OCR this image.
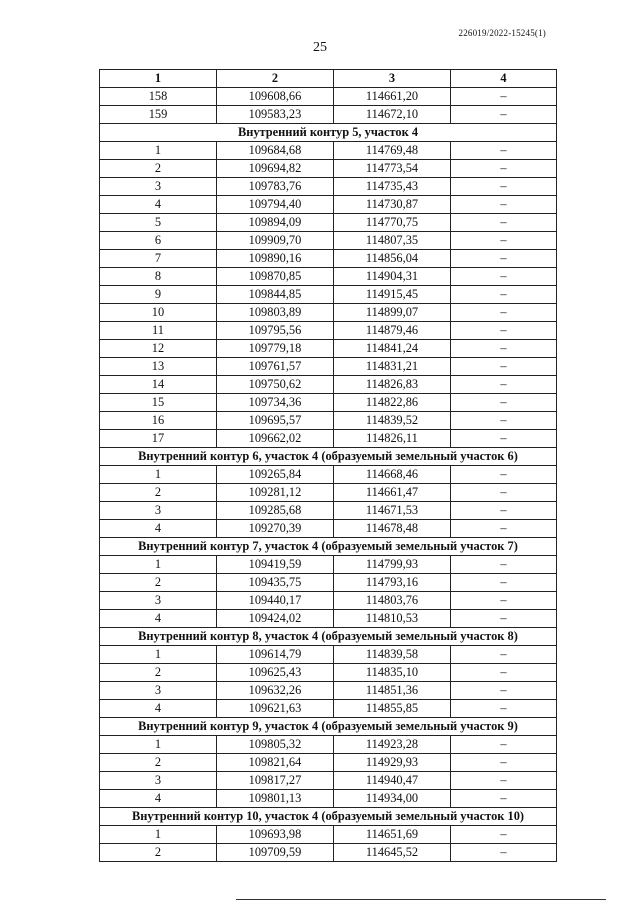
226019/2022-15245(1)
25
1	2	3	4
158	109608,66	114661,20	–
159	109583,23	114672,10	–
Внутренний контур 5, участок 4			
1	109684,68	114769,48	–
2	109694,82	114773,54	–
3	109783,76	114735,43	–
4	109794,40	114730,87	–
5	109894,09	114770,75	–
6	109909,70	114807,35	–
7	109890,16	114856,04	–
8	109870,85	114904,31	–
9	109844,85	114915,45	–
10	109803,89	114899,07	–
11	109795,56	114879,46	–
12	109779,18	114841,24	–
13	109761,57	114831,21	–
14	109750,62	114826,83	–
15	109734,36	114822,86	–
16	109695,57	114839,52	–
17	109662,02	114826,11	–
Внутренний контур 6, участок 4 (образуемый земельный участок 6)			
1	109265,84	114668,46	–
2	109281,12	114661,47	–
3	109285,68	114671,53	–
4	109270,39	114678,48	–
Внутренний контур 7, участок 4 (образуемый земельный участок 7)			
1	109419,59	114799,93	–
2	109435,75	114793,16	–
3	109440,17	114803,76	–
4	109424,02	114810,53	–
Внутренний контур 8, участок 4 (образуемый земельный участок 8)			
1	109614,79	114839,58	–
2	109625,43	114835,10	–
3	109632,26	114851,36	–
4	109621,63	114855,85	–
Внутренний контур 9, участок 4 (образуемый земельный участок 9)			
1	109805,32	114923,28	–
2	109821,64	114929,93	–
3	109817,27	114940,47	–
4	109801,13	114934,00	–
Внутренний контур 10, участок 4 (образуемый земельный участок 10)			
1	109693,98	114651,69	–
2	109709,59	114645,52	–
